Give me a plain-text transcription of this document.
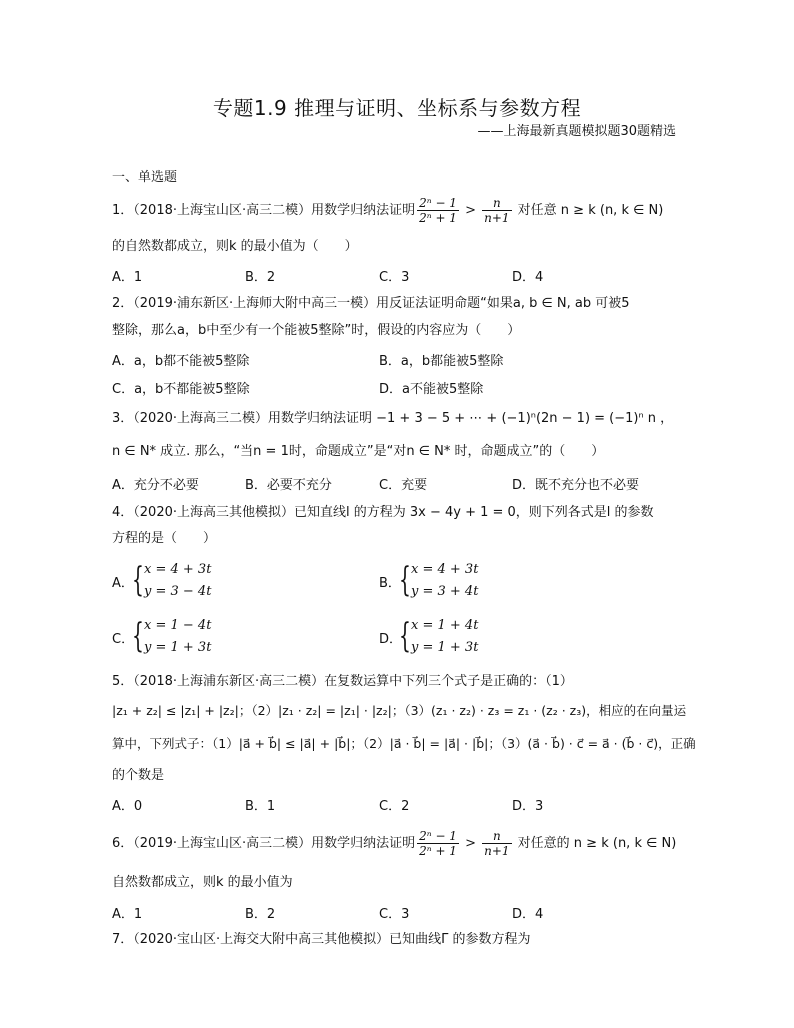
专题1.9 推理与证明、坐标系与参数方程
——上海最新真题模拟题30题精选
一、单选题
1．（2018·上海宝山区·高三二模）用数学归纳法证明 $\frac{\text{2ⁿ − 1}}{\text{2ⁿ + 1}} > \frac{n}{n+1}$ 对任意 n ≥ k (n, k ∈ N)
的自然数都成立，则k 的最小值为（　　）
A．1	B．2	C．3	D．4
2．（2019·浦东新区·上海师大附中高三一模）用反证法证明命题“如果a, b ∈ N, ab 可被5
整除，那么a，b中至少有一个能被5整除”时，假设的内容应为（　　）
A．a，b都不能被5整除	B．a，b都能被5整除
C．a，b不都能被5整除	D．a不能被5整除
3．（2020·上海高三二模）用数学归纳法证明 −1 + 3 − 5 + ⋯ + (−1)ⁿ(2n − 1) = (−1)ⁿ n ，
n ∈ N* 成立. 那么，“当n = 1时，命题成立”是“对n ∈ N* 时，命题成立”的（　　）
A．充分不必要	B．必要不充分	C．充要	D．既不充分也不必要
4．（2020·上海高三其他模拟）已知直线l 的方程为 3x − 4y + 1 = 0，则下列各式是l 的参数
方程的是（　　）
A．
{ x = 4 + 3t
y = 3 − 4t
B．
{ x = 4 + 3t
y = 3 + 4t
C．
{ x = 1 − 4t
y = 1 + 3t
D．
{ x = 1 + 4t
y = 1 + 3t
5．（2018·上海浦东新区·高三二模）在复数运算中下列三个式子是正确的：（1）
|z₁ + z₂| ≤ |z₁| + |z₂|；（2）|z₁ · z₂| = |z₁| · |z₂|；（3）(z₁ · z₂) · z₃ = z₁ · (z₂ · z₃)，相应的在向量运
算中，下列式子：（1）|a⃗ + b⃗| ≤ |a⃗| + |b⃗|；（2）|a⃗ · b⃗| = |a⃗| · |b⃗|；（3）(a⃗ · b⃗) · c⃗ = a⃗ · (b⃗ · c⃗)，正确
的个数是
A．0	B．1	C．2	D．3
6．（2019·上海宝山区·高三二模）用数学归纳法证明 $\frac{\text{2ⁿ − 1}}{\text{2ⁿ + 1}} > \frac{n}{n+1}$ 对任意的 n ≥ k (n, k ∈ N)
自然数都成立，则k 的最小值为
A．1	B．2	C．3	D．4
7．（2020·宝山区·上海交大附中高三其他模拟）已知曲线Γ 的参数方程为
